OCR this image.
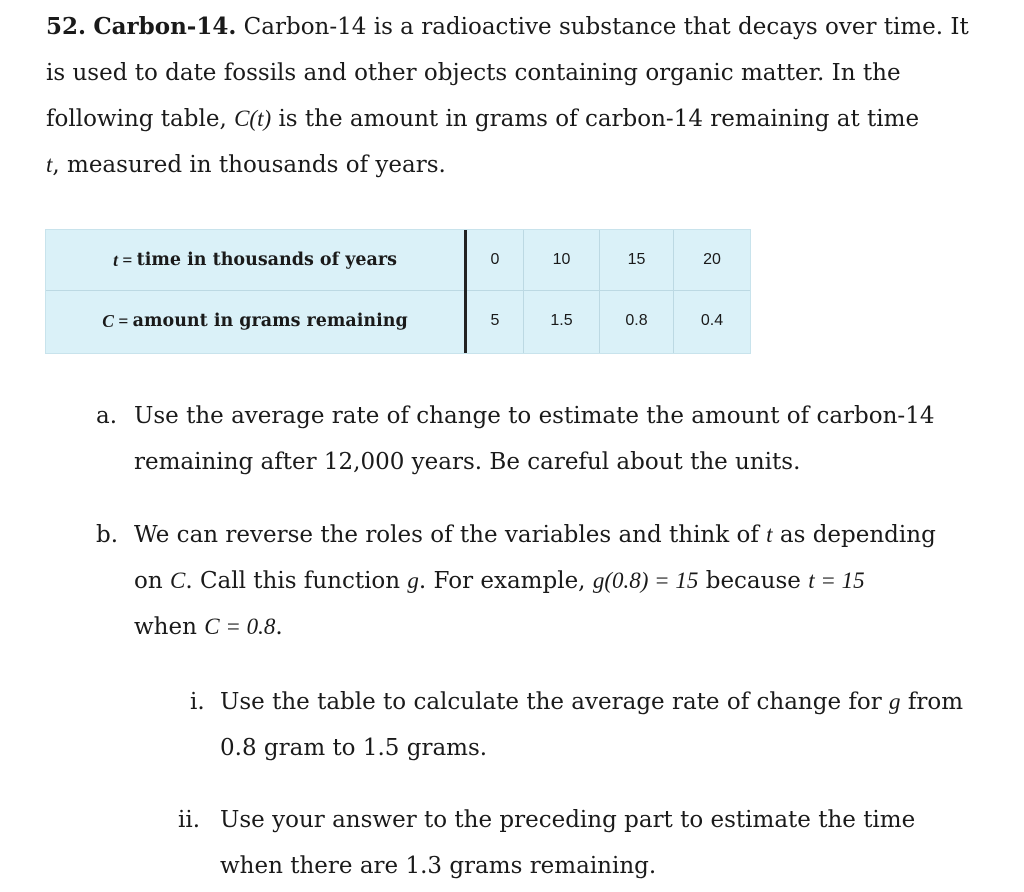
52. Carbon-14. Carbon-14 is a radioactive substance that decays over time. It
is used to date fossils and other objects containing organic matter. In the
following table, C(t) is the amount in grams of carbon-14 remaining at time
t, measured in thousands of years.
t = time in thousands of years	0	10	15	20
C = amount in grams remaining	5	1.5	0.8	0.4
a. Use the average rate of change to estimate the amount of carbon-14
remaining after 12,000 years. Be careful about the units.
b. We can reverse the roles of the variables and think of t as depending
on C. Call this function g. For example, g(0.8) = 15 because t = 15
when C = 0.8.
i. Use the table to calculate the average rate of change for g from
0.8 gram to 1.5 grams.
ii. Use your answer to the preceding part to estimate the time
when there are 1.3 grams remaining.
